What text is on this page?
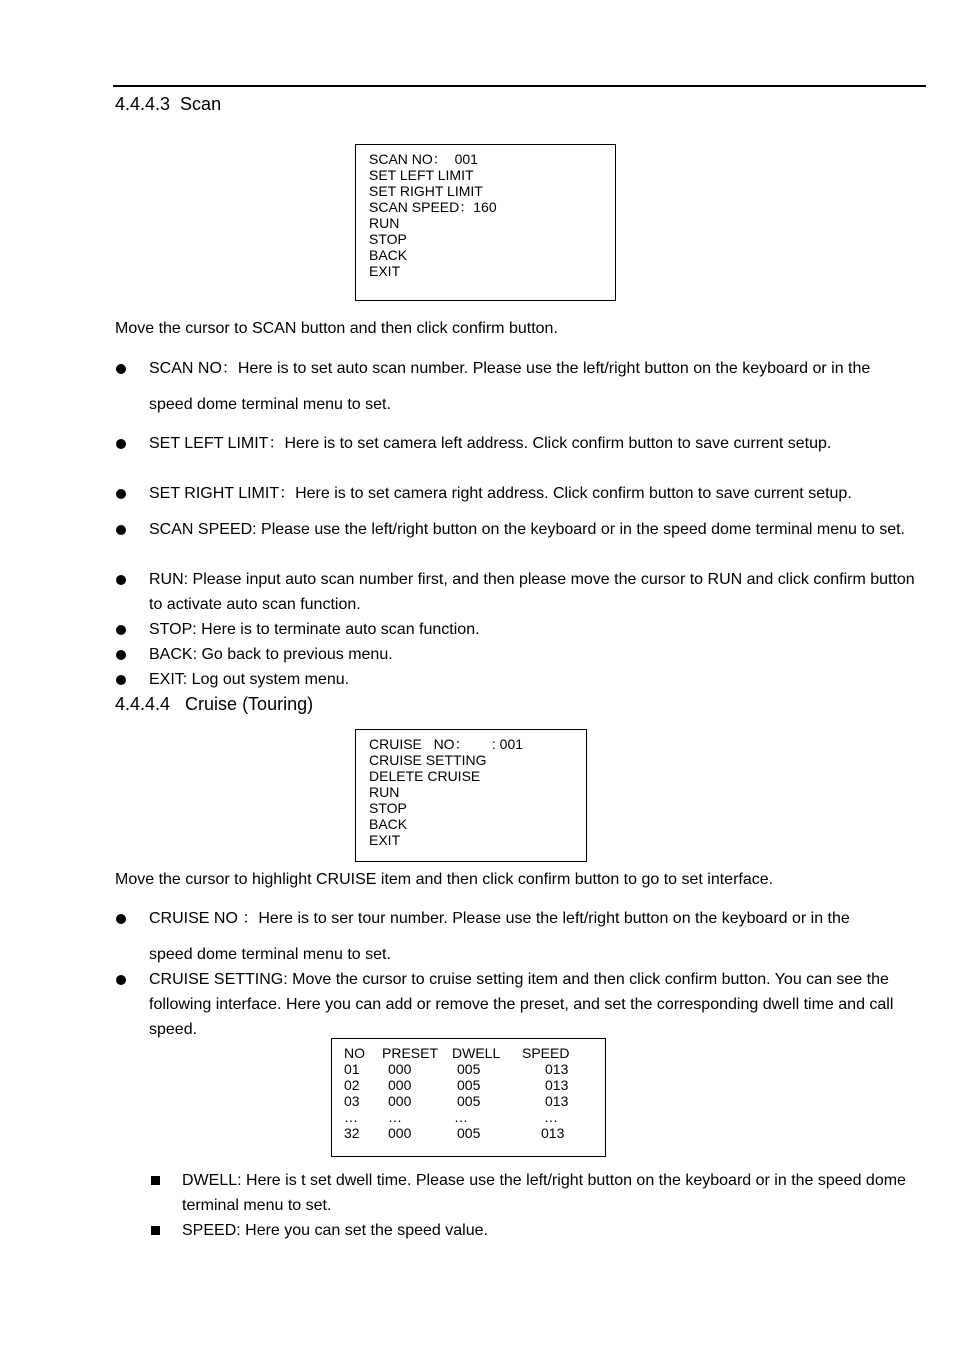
4.4.4.3  Scan
SCAN NO：  001
SET LEFT LIMIT
SET RIGHT LIMIT
SCAN SPEED：160
RUN
STOP
BACK
EXIT
Move the cursor to SCAN button and then click confirm button.
SCAN NO：Here is to set auto scan number. Please use the left/right button on the keyboard or in the
speed dome terminal menu to set.
SET LEFT LIMIT：Here is to set camera left address. Click confirm button to save current setup.
SET RIGHT LIMIT：Here is to set camera right address. Click confirm button to save current setup.
SCAN SPEED: Please use the left/right button on the keyboard or in the speed dome terminal menu to set.
RUN: Please input auto scan number first, and then please move the cursor to RUN and click confirm button to activate auto scan function.
STOP: Here is to terminate auto scan function.
BACK: Go back to previous menu.
EXIT: Log out system menu.
4.4.4.4   Cruise (Touring)
CRUISE   NO：      : 001
CRUISE SETTING
DELETE CRUISE
RUN
STOP
BACK
EXIT
Move the cursor to highlight CRUISE item and then click confirm button to go to set interface.
CRUISE NO ：Here is to ser tour number. Please use the left/right button on the keyboard or in the
speed dome terminal menu to set.
CRUISE SETTING: Move the cursor to cruise setting item and then click confirm button. You can see the following interface. Here you can add or remove the preset, and set the corresponding dwell time and call speed.
NO	PRESET	DWELL	SPEED
01	000	005	013
02	000	005	013
03	000	005	013
…	…	…	…
32	000	005	013
DWELL: Here is t set dwell time. Please use the left/right button on the keyboard or in the speed dome terminal menu to set.
SPEED: Here you can set the speed value.
